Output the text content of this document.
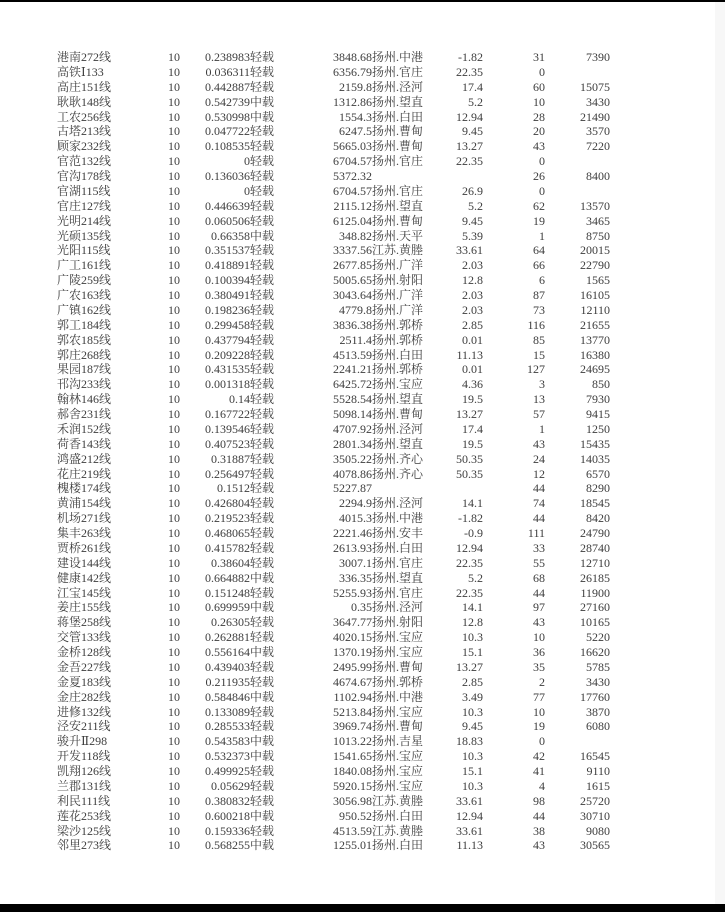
港南272线	10	0.238983	轻载	3848.68	扬州.中港	-1.82	31	7390
高铁Ⅰ133	10	0.036311	轻载	6356.79	扬州.官庄	22.35	0	
高庄151线	10	0.442887	轻载	2159.8	扬州.泾河	17.4	60	15075
耿耿148线	10	0.542739	中载	1312.86	扬州.望直	5.2	10	3430
工农256线	10	0.530998	中载	1554.3	扬州.白田	12.94	28	21490
古塔213线	10	0.047722	轻载	6247.5	扬州.曹甸	9.45	20	3570
顾家232线	10	0.108535	轻载	5665.03	扬州.曹甸	13.27	43	7220
官范132线	10	0	轻载	6704.57	扬州.官庄	22.35	0	
官沟178线	10	0.136036	轻载	5372.32			26	8400
官湖115线	10	0	轻载	6704.57	扬州.官庄	26.9	0	
官庄127线	10	0.446639	轻载	2115.12	扬州.望直	5.2	62	13570
光明214线	10	0.060506	轻载	6125.04	扬州.曹甸	9.45	19	3465
光硕135线	10	0.66358	中载	348.82	扬州.天平	5.39	1	8750
光阳115线	10	0.351537	轻载	3337.56	江苏.黄塍	33.61	64	20015
广工161线	10	0.418891	轻载	2677.85	扬州.广洋	2.03	66	22790
广陵259线	10	0.100394	轻载	5005.65	扬州.射阳	12.8	6	1565
广农163线	10	0.380491	轻载	3043.64	扬州.广洋	2.03	87	16105
广镇162线	10	0.198236	轻载	4779.8	扬州.广洋	2.03	73	12110
郭工184线	10	0.299458	轻载	3836.38	扬州.郭桥	2.85	116	21655
郭农185线	10	0.437794	轻载	2511.4	扬州.郭桥	0.01	85	13770
郭庄268线	10	0.209228	轻载	4513.59	扬州.白田	11.13	15	16380
果园187线	10	0.431535	轻载	2241.21	扬州.郭桥	0.01	127	24695
邗沟233线	10	0.001318	轻载	6425.72	扬州.宝应	4.36	3	850
翰林146线	10	0.14	轻载	5528.54	扬州.望直	19.5	13	7930
郝舍231线	10	0.167722	轻载	5098.14	扬州.曹甸	13.27	57	9415
禾润152线	10	0.139546	轻载	4707.92	扬州.泾河	17.4	1	1250
荷香143线	10	0.407523	轻载	2801.34	扬州.望直	19.5	43	15435
鸿盛212线	10	0.31887	轻载	3505.22	扬州.齐心	50.35	24	14035
花庄219线	10	0.256497	轻载	4078.86	扬州.齐心	50.35	12	6570
槐楼174线	10	0.1512	轻载	5227.87			44	8290
黄浦154线	10	0.426804	轻载	2294.9	扬州.泾河	14.1	74	18545
机场271线	10	0.219523	轻载	4015.3	扬州.中港	-1.82	44	8420
集丰263线	10	0.468065	轻载	2221.46	扬州.安丰	-0.9	111	24790
贾桥261线	10	0.415782	轻载	2613.93	扬州.白田	12.94	33	28740
建设144线	10	0.38604	轻载	3007.1	扬州.官庄	22.35	55	12710
健康142线	10	0.664882	中载	336.35	扬州.望直	5.2	68	26185
江宝145线	10	0.151248	轻载	5255.93	扬州.官庄	22.35	44	11900
姜庄155线	10	0.699959	中载	0.35	扬州.泾河	14.1	97	27160
蒋堡258线	10	0.26305	轻载	3647.77	扬州.射阳	12.8	43	10165
交管133线	10	0.262881	轻载	4020.15	扬州.宝应	10.3	10	5220
金桥128线	10	0.556164	中载	1370.19	扬州.宝应	15.1	36	16620
金吾227线	10	0.439403	轻载	2495.99	扬州.曹甸	13.27	35	5785
金夏183线	10	0.211935	轻载	4674.67	扬州.郭桥	2.85	2	3430
金庄282线	10	0.584846	中载	1102.94	扬州.中港	3.49	77	17760
进修132线	10	0.133089	轻载	5213.84	扬州.宝应	10.3	10	3870
泾安211线	10	0.285533	轻载	3969.74	扬州.曹甸	9.45	19	6080
骏升Ⅱ298	10	0.543583	中载	1013.22	扬州.吉星	18.83	0	
开发118线	10	0.532373	中载	1541.65	扬州.宝应	10.3	42	16545
凯翔126线	10	0.499925	轻载	1840.08	扬州.宝应	15.1	41	9110
兰郡131线	10	0.05629	轻载	5920.15	扬州.宝应	10.3	4	1615
利民111线	10	0.380832	轻载	3056.98	江苏.黄塍	33.61	98	25720
莲花253线	10	0.600218	中载	950.52	扬州.白田	12.94	44	30710
梁沙125线	10	0.159336	轻载	4513.59	江苏.黄塍	33.61	38	9080
邻里273线	10	0.568255	中载	1255.01	扬州.白田	11.13	43	30565
